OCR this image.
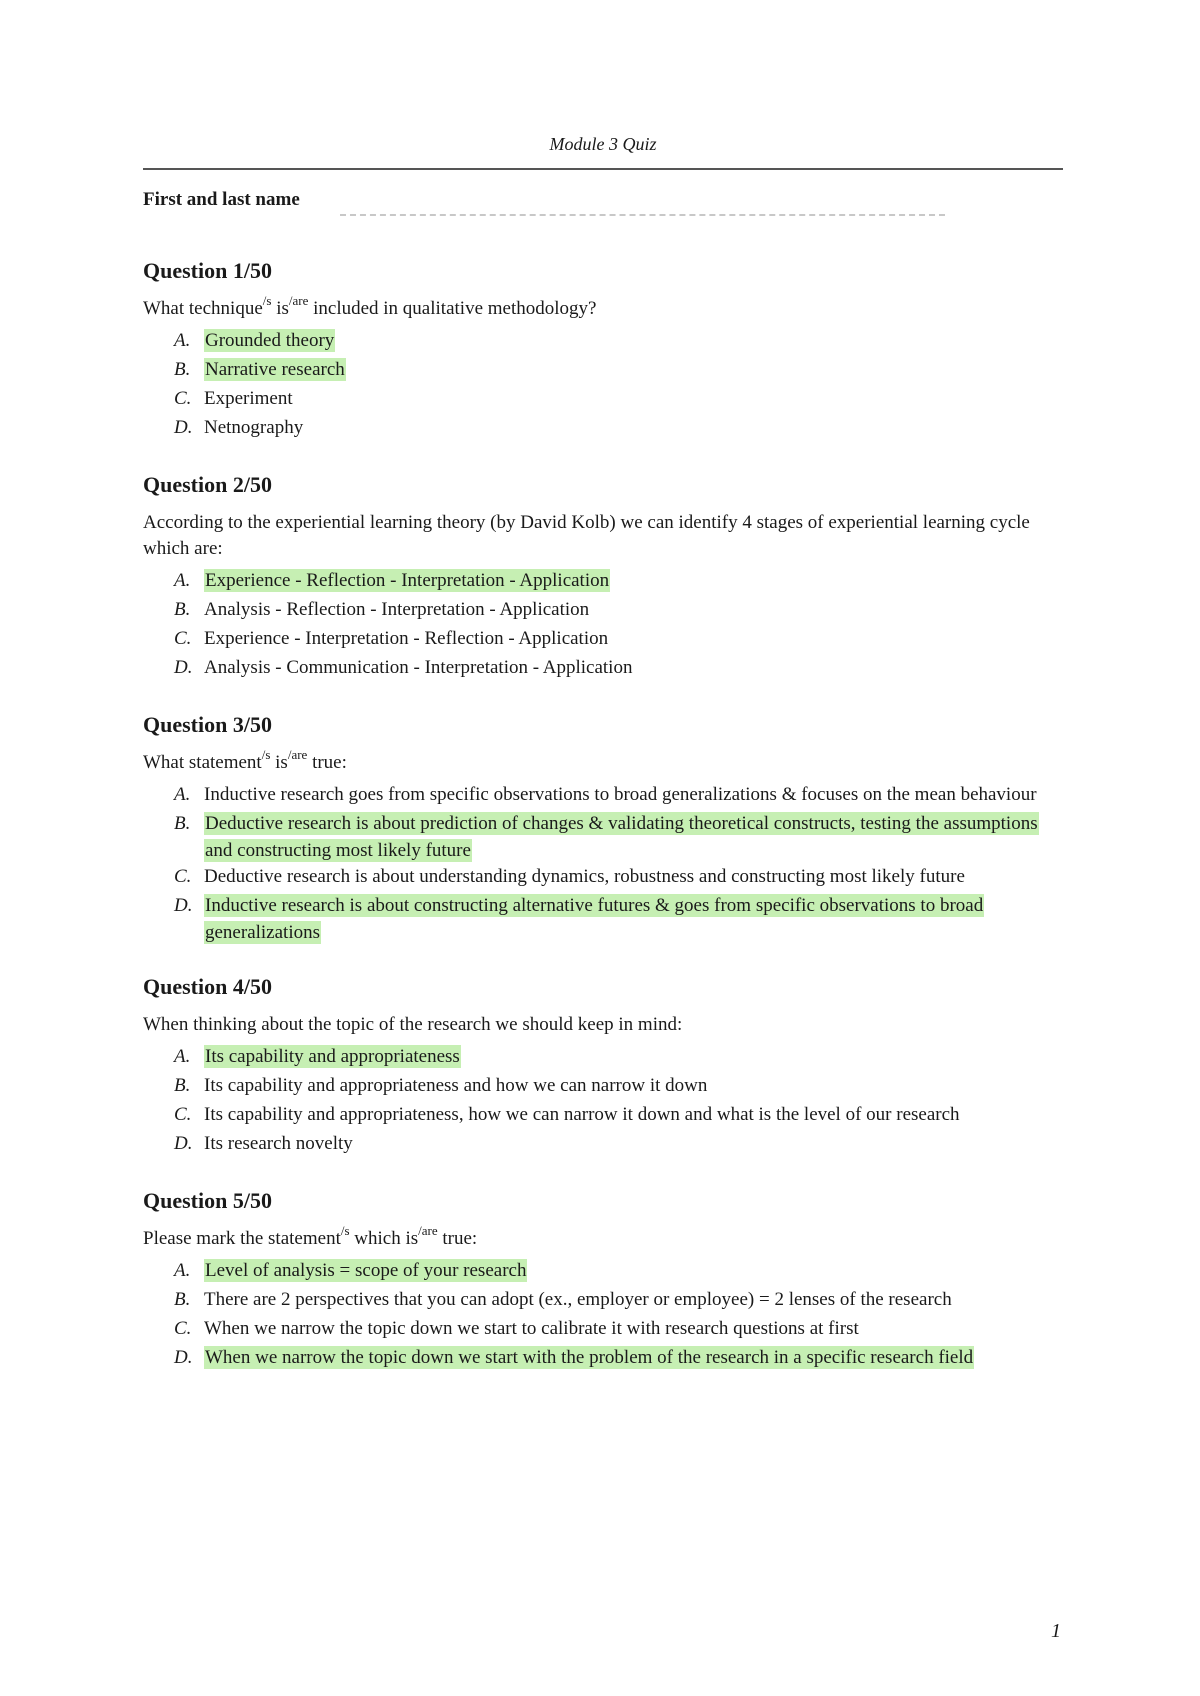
Module 3 Quiz
First and last name
Question 1/50
What technique$^{/s}$ $is^{/are}$ included in qualitative methodology?
A. Grounded theory
B. Narrative research
C. Experiment
D. Netnography
Question 2/50
According to the experiential learning theory (by David Kolb) we can identify 4 stages of experiential learning cycle which are:
A. Experience - Reflection - Interpretation - Application
B. Analysis - Reflection - Interpretation - Application
C. Experience - Interpretation - Reflection - Application
D. Analysis - Communication - Interpretation - Application
Question 3/50
What statement$^{/s}$ $is^{/are}$ true:
A. Inductive research goes from specific observations to broad generalizations & focuses on the mean behaviour
B. Deductive research is about prediction of changes & validating theoretical constructs, testing the assumptions and constructing most likely future
C. Deductive research is about understanding dynamics, robustness and constructing most likely future
D. Inductive research is about constructing alternative futures & goes from specific observations to broad generalizations
Question 4/50
When thinking about the topic of the research we should keep in mind:
A. Its capability and appropriateness
B. Its capability and appropriateness and how we can narrow it down
C. Its capability and appropriateness, how we can narrow it down and what is the level of our research
D. Its research novelty
Question 5/50
Please mark the statement$^{/s}$ which $is^{/are}$ true:
A. Level of analysis = scope of your research
B. There are 2 perspectives that you can adopt (ex., employer or employee) = 2 lenses of the research
C. When we narrow the topic down we start to calibrate it with research questions at first
D. When we narrow the topic down we start with the problem of the research in a specific research field
1
